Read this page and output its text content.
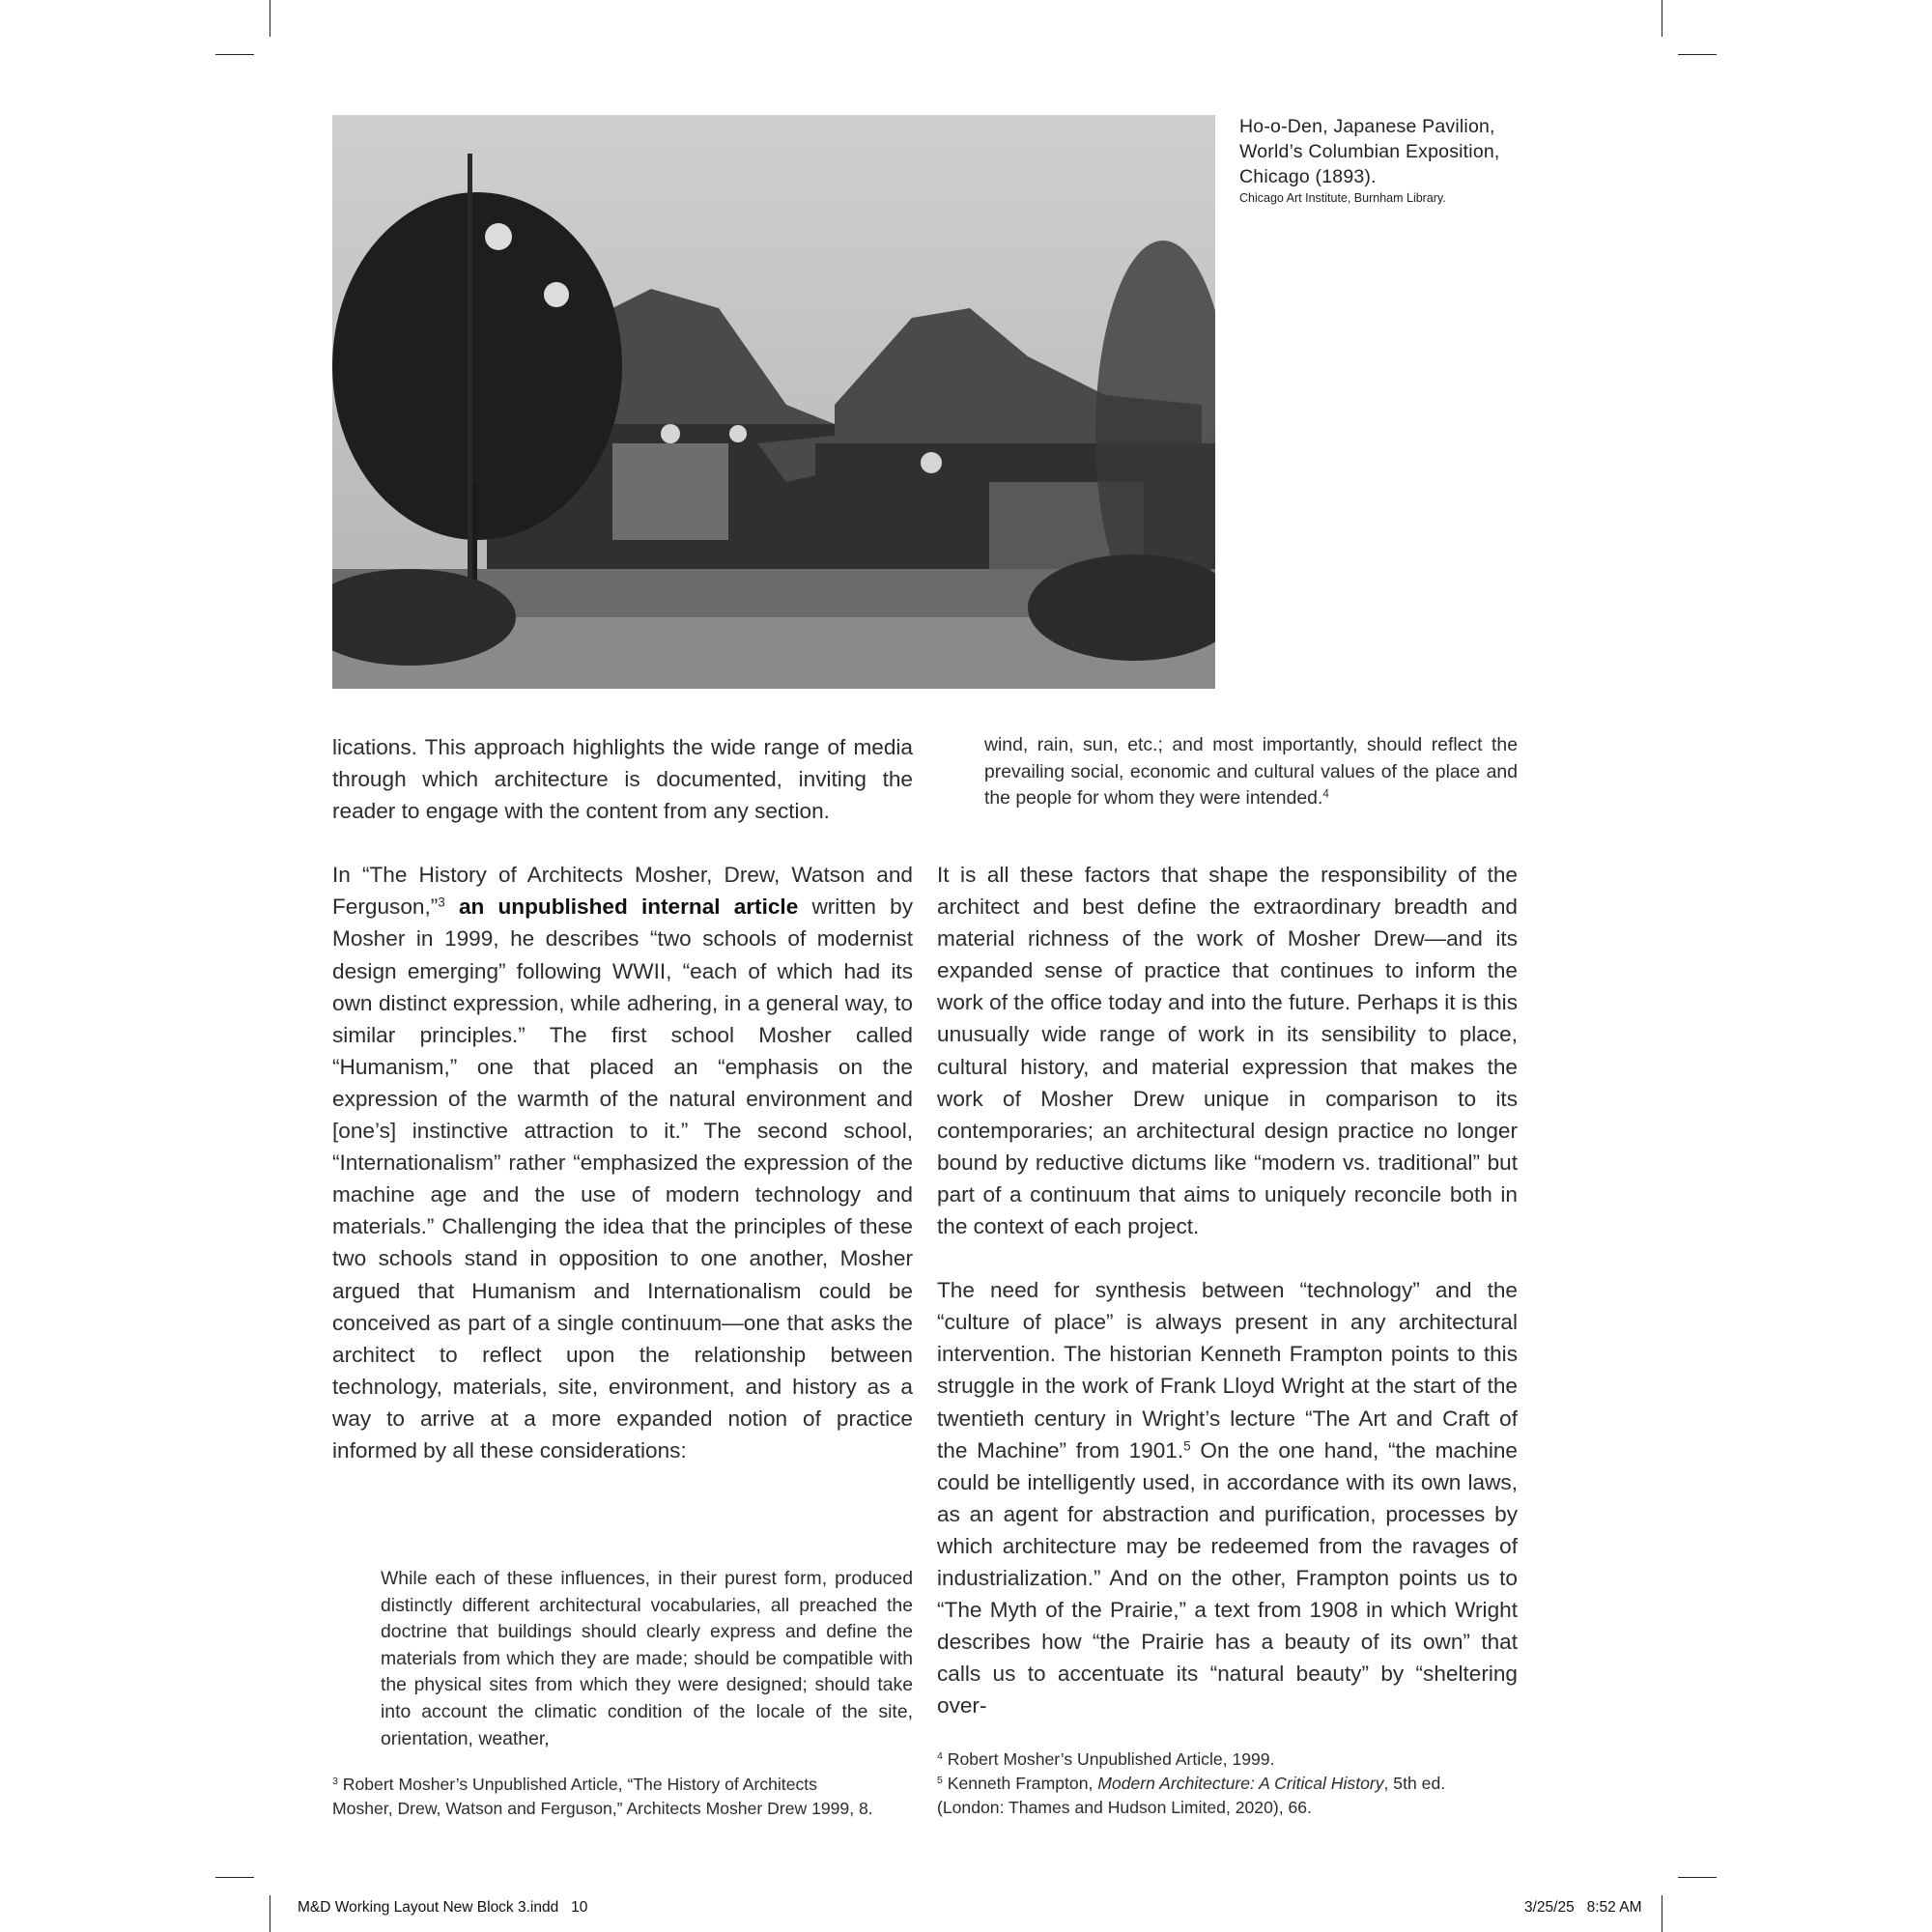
Ho-o-Den, Japanese Pavilion,
World’s Columbian Exposition,
Chicago (1893).
Chicago Art Institute, Burnham Library.

lications. This approach highlights the wide range of media through which architecture is documented, inviting the reader to engage with the content from any section.

In “The History of Architects Mosher, Drew, Watson and Ferguson,”$^3$ an unpublished internal article written by Mosher in 1999, he describes “two schools of modernist design emerging” following WWII, “each of which had its own distinct expression, while adhering, in a general way, to similar principles.” The first school Mosher called “Humanism,” one that placed an “emphasis on the expression of the warmth of the natural environment and [one’s] instinctive attraction to it.” The second school, “Internationalism” rather “emphasized the expression of the machine age and the use of modern technology and materials.” Challenging the idea that the principles of these two schools stand in opposition to one another, Mosher argued that Humanism and Internationalism could be conceived as part of a single continuum—one that asks the architect to reflect upon the relationship between technology, materials, site, environment, and history as a way to arrive at a more expanded notion of practice informed by all these considerations:

While each of these influences, in their purest form, produced distinctly different architectural vocabularies, all preached the doctrine that buildings should clearly express and define the materials from which they are made; should be compatible with the physical sites from which they were designed; should take into account the climatic condition of the locale of the site, orientation, weather,
wind, rain, sun, etc.; and most importantly, should reflect the prevailing social, economic and cultural values of the place and the people for whom they were intended.$^4$

It is all these factors that shape the responsibility of the architect and best define the extraordinary breadth and material richness of the work of Mosher Drew—and its expanded sense of practice that continues to inform the work of the office today and into the future. Perhaps it is this unusually wide range of work in its sensibility to place, cultural history, and material expression that makes the work of Mosher Drew unique in comparison to its contemporaries; an architectural design practice no longer bound by reductive dictums like “modern vs. traditional” but part of a continuum that aims to uniquely reconcile both in the context of each project.

The need for synthesis between “technology” and the “culture of place” is always present in any architectural intervention. The historian Kenneth Frampton points to this struggle in the work of Frank Lloyd Wright at the start of the twentieth century in Wright’s lecture “The Art and Craft of the Machine” from 1901.$^5$ On the one hand, “the machine could be intelligently used, in accordance with its own laws, as an agent for abstraction and purification, processes by which architecture may be redeemed from the ravages of industrialization.” And on the other, Frampton points us to “The Myth of the Prairie,” a text from 1908 in which Wright describes how “the Prairie has a beauty of its own” that calls us to accentuate its “natural beauty” by “sheltering over-

$^3$ Robert Mosher’s Unpublished Article, “The History of Architects

Mosher, Drew, Watson and Ferguson,” Architects Mosher Drew 1999, 8.

$^4$ Robert Mosher’s Unpublished Article, 1999.

$^5$ Kenneth Frampton, Modern Architecture: A Critical History, 5th ed.

(London: Thames and Hudson Limited, 2020), 66.

M&D Working Layout New Block 3.indd   10	3/25/25   8:52 AM
